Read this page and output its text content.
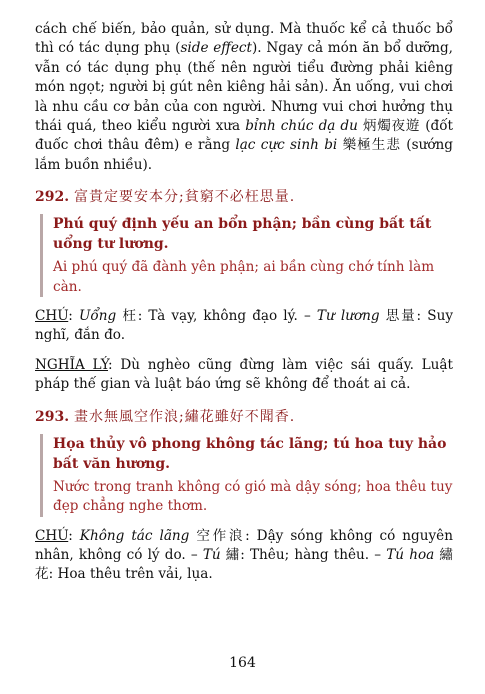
cách chế biến, bảo quản, sử dụng. Mà thuốc kể cả thuốc bổ thì có tác dụng phụ (side effect). Ngay cả món ăn bổ dưỡng, vẫn có tác dụng phụ (thế nên người tiểu đường phải kiêng món ngọt; người bị gút nên kiêng hải sản). Ăn uống, vui chơi là nhu cầu cơ bản của con người. Nhưng vui chơi hưởng thụ thái quá, theo kiểu người xưa bỉnh chúc dạ du 炳燭夜遊 (đốt đuốc chơi thâu đêm) e rằng lạc cực sinh bi 樂極生悲 (sướng lắm buồn nhiều).

292. 富貴定要安本分;貧窮不必枉思量.

Phú quý định yếu an bổn phận; bần cùng bất tất uổng tư lương.

Ai phú quý đã đành yên phận; ai bần cùng chớ tính làm càn.

CHÚ: Uổng 枉: Tà vạy, không đạo lý. – Tư lương 思量: Suy nghĩ, đắn đo.

NGHĨA LÝ: Dù nghèo cũng đừng làm việc sái quấy. Luật pháp thế gian và luật báo ứng sẽ không để thoát ai cả.

293. 畫水無風空作浪;繡花雖好不聞香.

Họa thủy vô phong không tác lãng; tú hoa tuy hảo bất văn hương.

Nước trong tranh không có gió mà dậy sóng; hoa thêu tuy đẹp chẳng nghe thơm.

CHÚ: Không tác lãng 空作浪: Dậy sóng không có nguyên nhân, không có lý do. – Tú 繡: Thêu; hàng thêu. – Tú hoa 繡花: Hoa thêu trên vải, lụa.

164
